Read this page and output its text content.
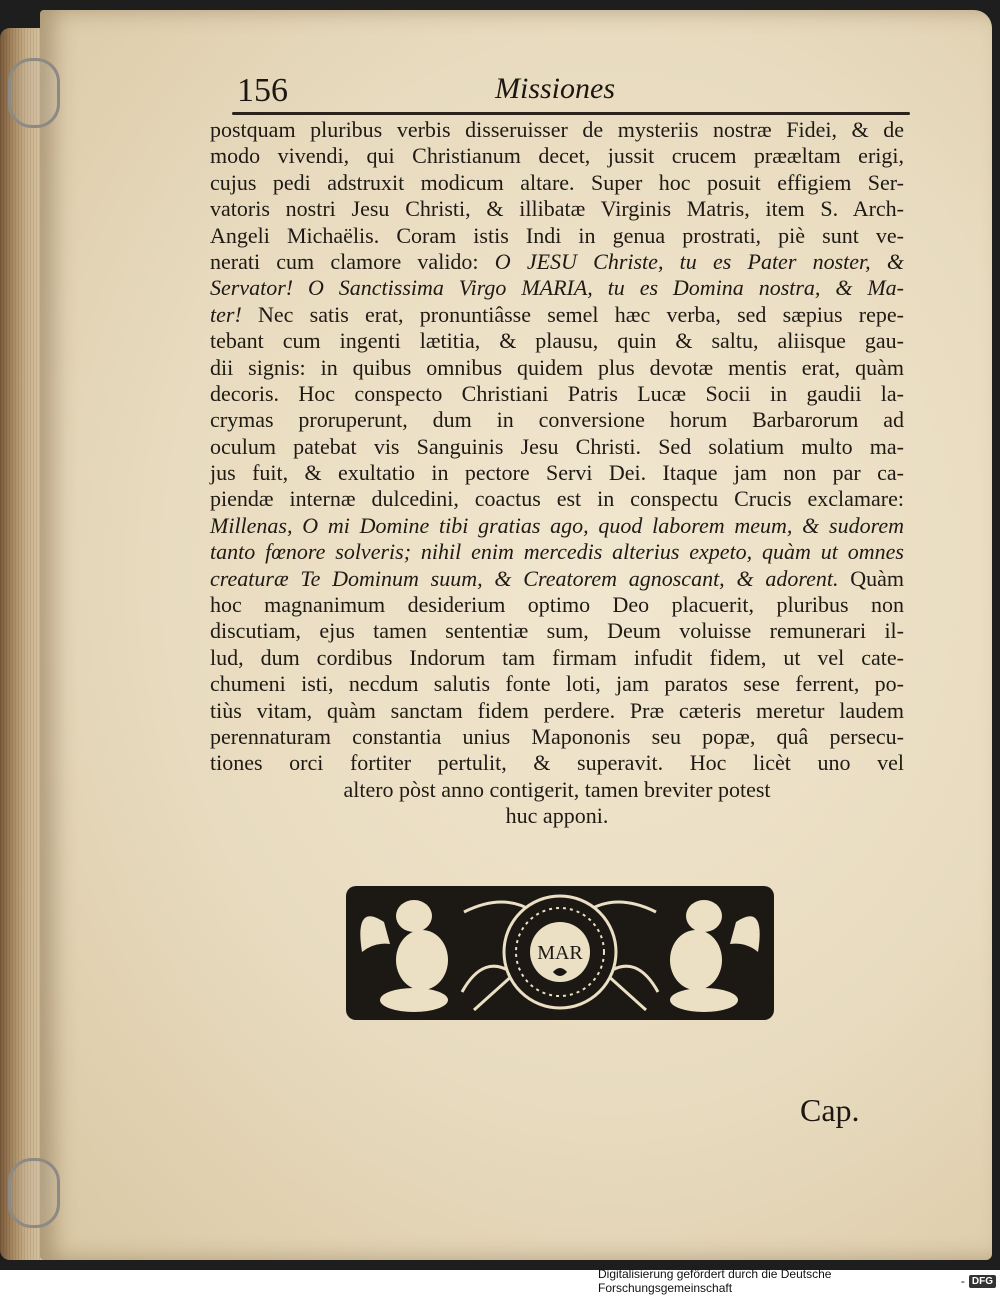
156	Missiones
postquam pluribus verbis disseruisser de mysteriis nostræ Fidei, & de
modo vivendi, qui Christianum decet, jussit crucem prææltam erigi,
cujus pedi adstruxit modicum altare. Super hoc posuit effigiem Ser-
vatoris nostri Jesu Christi, & illibatæ Virginis Matris, item S. Arch-
Angeli Michaëlis. Coram istis Indi in genua prostrati, piè sunt ve-
nerati cum clamore valido: O JESU Christe, tu es Pater noster, &
Servator! O Sanctissima Virgo MARIA, tu es Domina nostra, & Ma-
ter! Nec satis erat, pronuntiâsse semel hæc verba, sed sæpius repe-
tebant cum ingenti lætitia, & plausu, quin & saltu, aliisque gau-
dii signis: in quibus omnibus quidem plus devotæ mentis erat, quàm
decoris. Hoc conspecto Christiani Patris Lucæ Socii in gaudii la-
crymas proruperunt, dum in conversione horum Barbarorum ad
oculum patebat vis Sanguinis Jesu Christi. Sed solatium multo ma-
jus fuit, & exultatio in pectore Servi Dei. Itaque jam non par ca-
piendæ internæ dulcedini, coactus est in conspectu Crucis exclamare:
Millenas, O mi Domine tibi gratias ago, quod laborem meum, & sudorem
tanto fœnore solveris; nihil enim mercedis alterius expeto, quàm ut omnes
creaturæ Te Dominum suum, & Creatorem agnoscant, & adorent. Quàm
hoc magnanimum desiderium optimo Deo placuerit, pluribus non
discutiam, ejus tamen sententiæ sum, Deum voluisse remunerari il-
lud, dum cordibus Indorum tam firmam infudit fidem, ut vel cate-
chumeni isti, necdum salutis fonte loti, jam paratos sese ferrent, po-
tiùs vitam, quàm sanctam fidem perdere. Præ cæteris meretur laudem
perennaturam constantia unius Mapononis seu popæ, quâ persecu-
tiones orci fortiter pertulit, & superavit. Hoc licèt uno vel
altero pòst anno contigerit, tamen breviter potest
huc apponi.
MAR
Cap.
Digitalisierung gefördert durch die Deutsche Forschungsgemeinschaft	- DFG
